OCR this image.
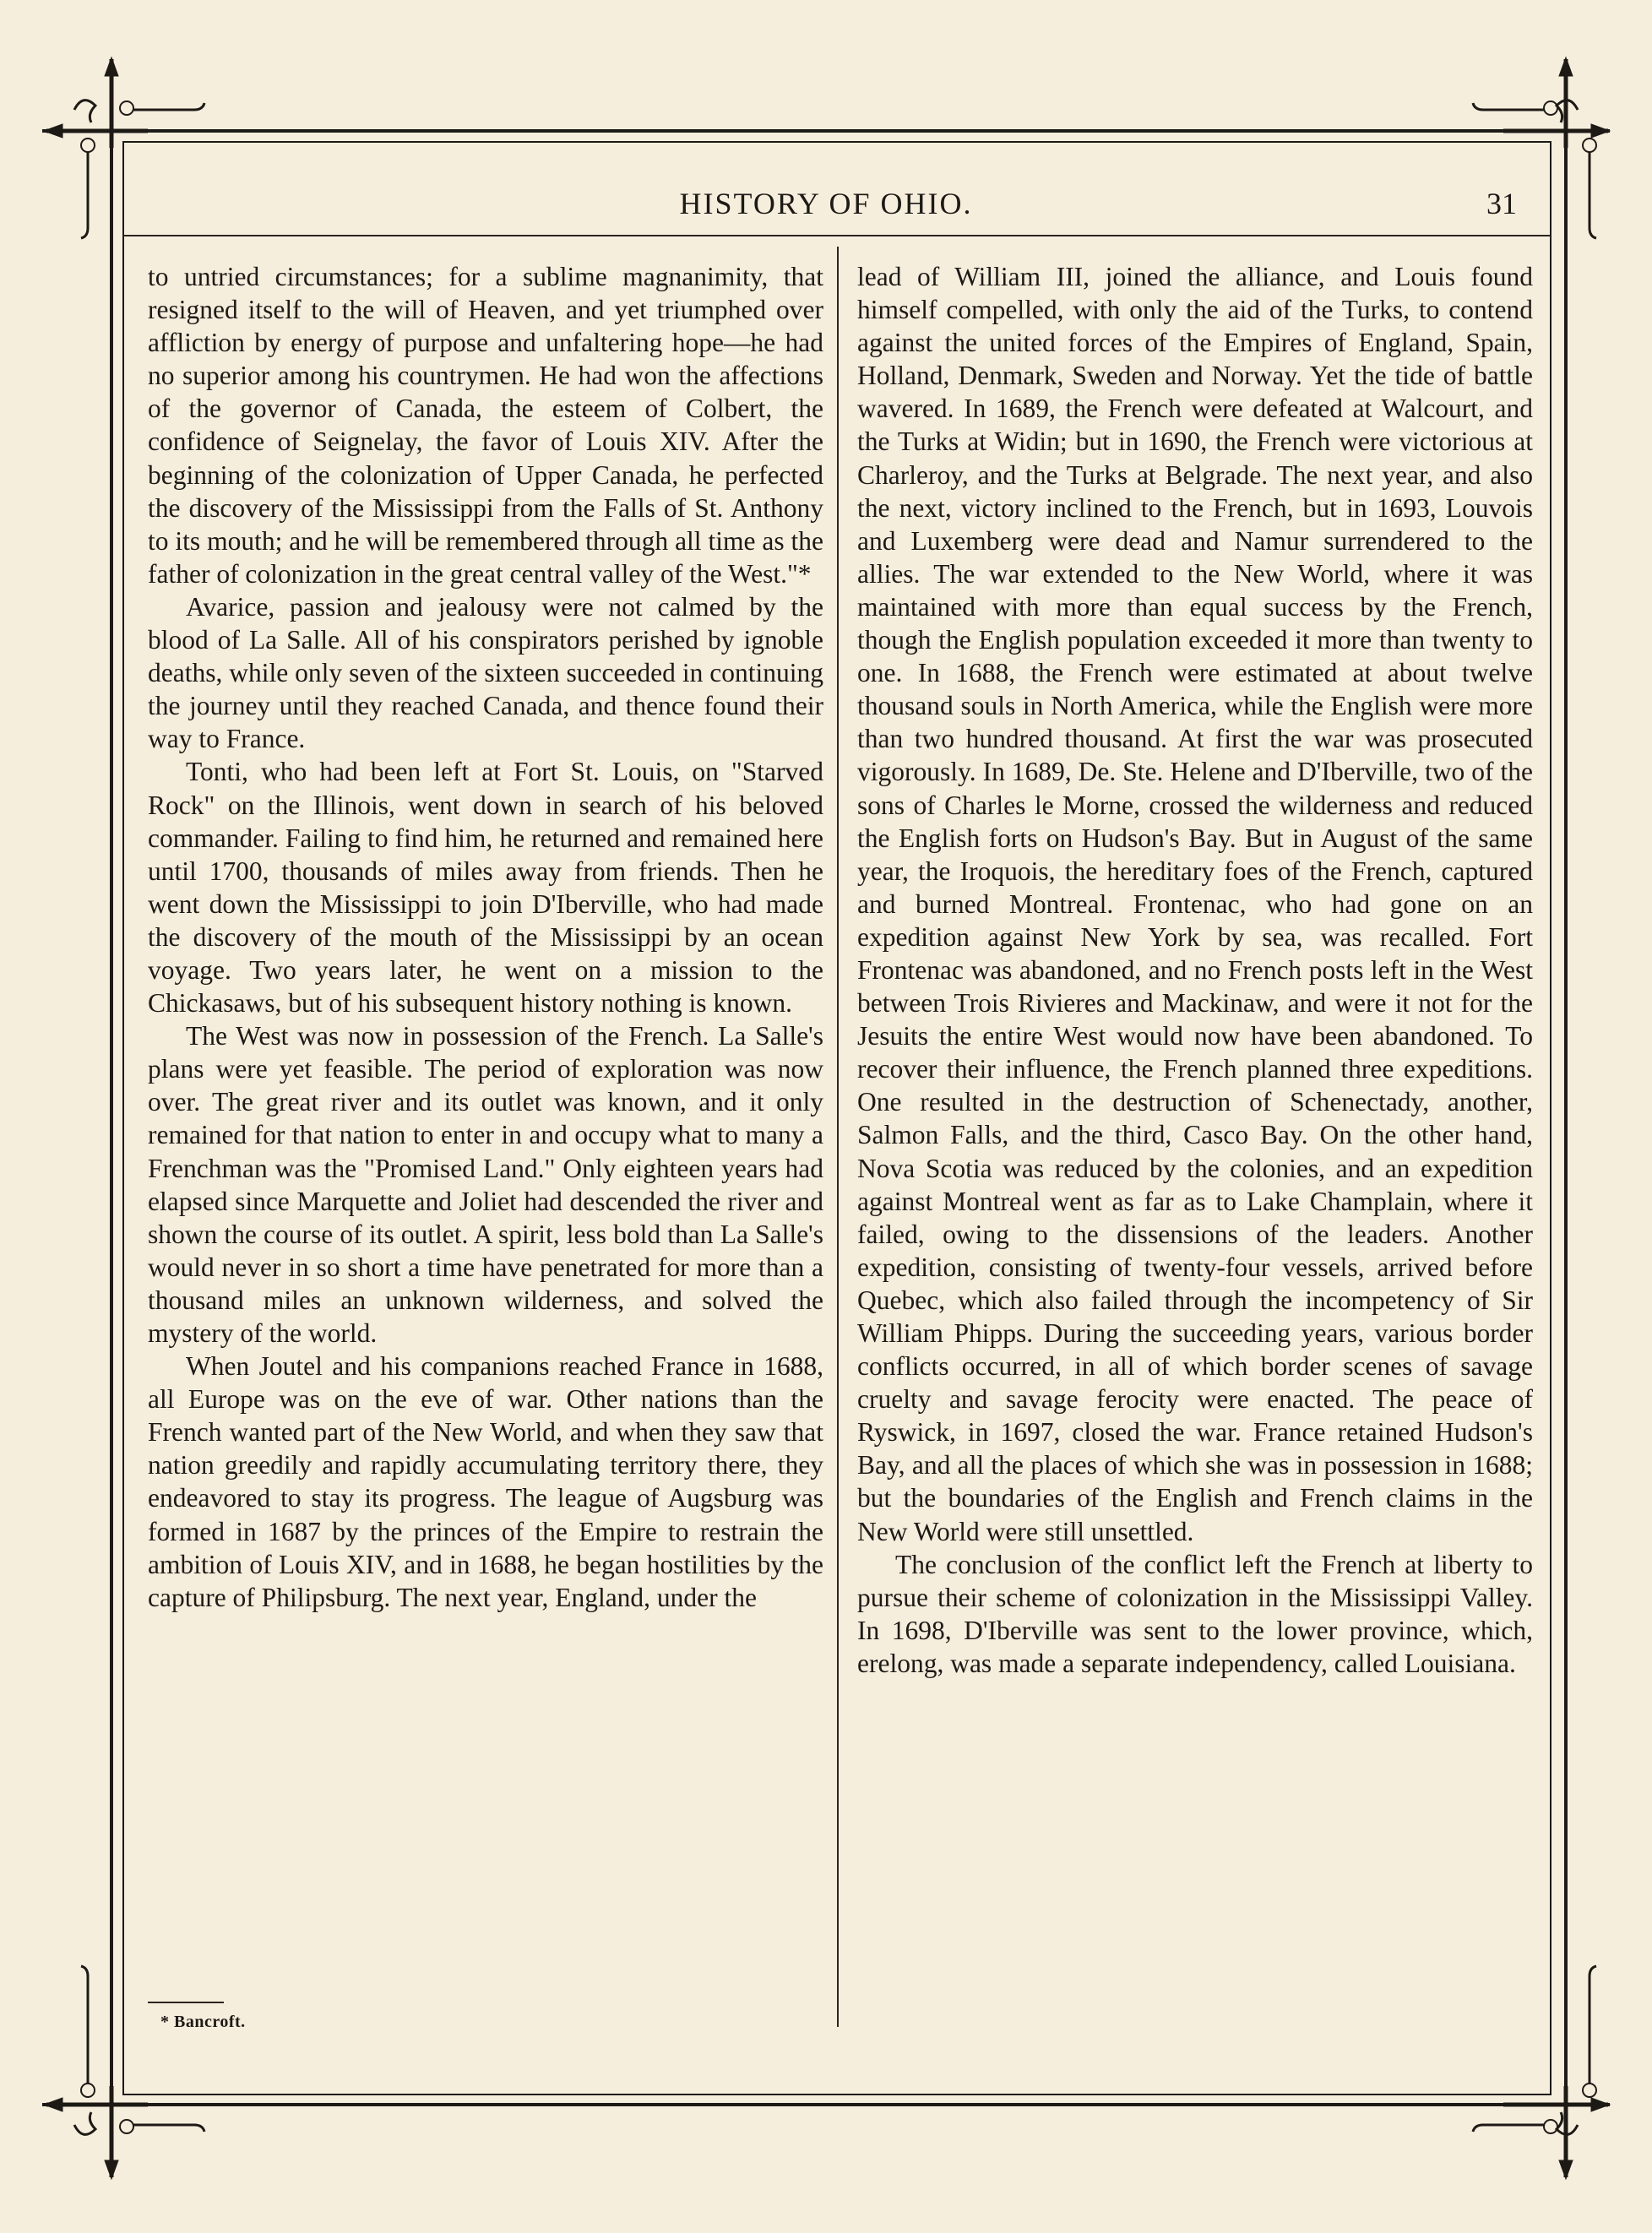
HISTORY OF OHIO.	31

to untried circumstances; for a sublime magnanimity, that resigned itself to the will of Heaven, and yet triumphed over affliction by energy of purpose and unfaltering hope—he had no superior among his countrymen. He had won the affections of the governor of Canada, the esteem of Colbert, the confidence of Seignelay, the favor of Louis XIV. After the beginning of the colonization of Upper Canada, he perfected the discovery of the Mississippi from the Falls of St. Anthony to its mouth; and he will be remembered through all time as the father of colonization in the great central valley of the West."*

Avarice, passion and jealousy were not calmed by the blood of La Salle. All of his conspirators perished by ignoble deaths, while only seven of the sixteen succeeded in continuing the journey until they reached Canada, and thence found their way to France.

Tonti, who had been left at Fort St. Louis, on "Starved Rock" on the Illinois, went down in search of his beloved commander. Failing to find him, he returned and remained here until 1700, thousands of miles away from friends. Then he went down the Mississippi to join D'Iberville, who had made the discovery of the mouth of the Mississippi by an ocean voyage. Two years later, he went on a mission to the Chickasaws, but of his subsequent history nothing is known.

The West was now in possession of the French. La Salle's plans were yet feasible. The period of exploration was now over. The great river and its outlet was known, and it only remained for that nation to enter in and occupy what to many a Frenchman was the "Promised Land." Only eighteen years had elapsed since Marquette and Joliet had descended the river and shown the course of its outlet. A spirit, less bold than La Salle's would never in so short a time have penetrated for more than a thousand miles an unknown wilderness, and solved the mystery of the world.

When Joutel and his companions reached France in 1688, all Europe was on the eve of war. Other nations than the French wanted part of the New World, and when they saw that nation greedily and rapidly accumulating territory there, they endeavored to stay its progress. The league of Augsburg was formed in 1687 by the princes of the Empire to restrain the ambition of Louis XIV, and in 1688, he began hostilities by the capture of Philipsburg. The next year, England, under the

lead of William III, joined the alliance, and Louis found himself compelled, with only the aid of the Turks, to contend against the united forces of the Empires of England, Spain, Holland, Denmark, Sweden and Norway. Yet the tide of battle wavered. In 1689, the French were defeated at Walcourt, and the Turks at Widin; but in 1690, the French were victorious at Charleroy, and the Turks at Belgrade. The next year, and also the next, victory inclined to the French, but in 1693, Louvois and Luxemberg were dead and Namur surrendered to the allies. The war extended to the New World, where it was maintained with more than equal success by the French, though the English population exceeded it more than twenty to one. In 1688, the French were estimated at about twelve thousand souls in North America, while the English were more than two hundred thousand. At first the war was prosecuted vigorously. In 1689, De. Ste. Helene and D'Iberville, two of the sons of Charles le Morne, crossed the wilderness and reduced the English forts on Hudson's Bay. But in August of the same year, the Iroquois, the hereditary foes of the French, captured and burned Montreal. Frontenac, who had gone on an expedition against New York by sea, was recalled. Fort Frontenac was abandoned, and no French posts left in the West between Trois Rivieres and Mackinaw, and were it not for the Jesuits the entire West would now have been abandoned. To recover their influence, the French planned three expeditions. One resulted in the destruction of Schenectady, another, Salmon Falls, and the third, Casco Bay. On the other hand, Nova Scotia was reduced by the colonies, and an expedition against Montreal went as far as to Lake Champlain, where it failed, owing to the dissensions of the leaders. Another expedition, consisting of twenty-four vessels, arrived before Quebec, which also failed through the incompetency of Sir William Phipps. During the succeeding years, various border conflicts occurred, in all of which border scenes of savage cruelty and savage ferocity were enacted. The peace of Ryswick, in 1697, closed the war. France retained Hudson's Bay, and all the places of which she was in possession in 1688; but the boundaries of the English and French claims in the New World were still unsettled.

The conclusion of the conflict left the French at liberty to pursue their scheme of colonization in the Mississippi Valley. In 1698, D'Iberville was sent to the lower province, which, erelong, was made a separate independency, called Louisiana.

* Bancroft.
